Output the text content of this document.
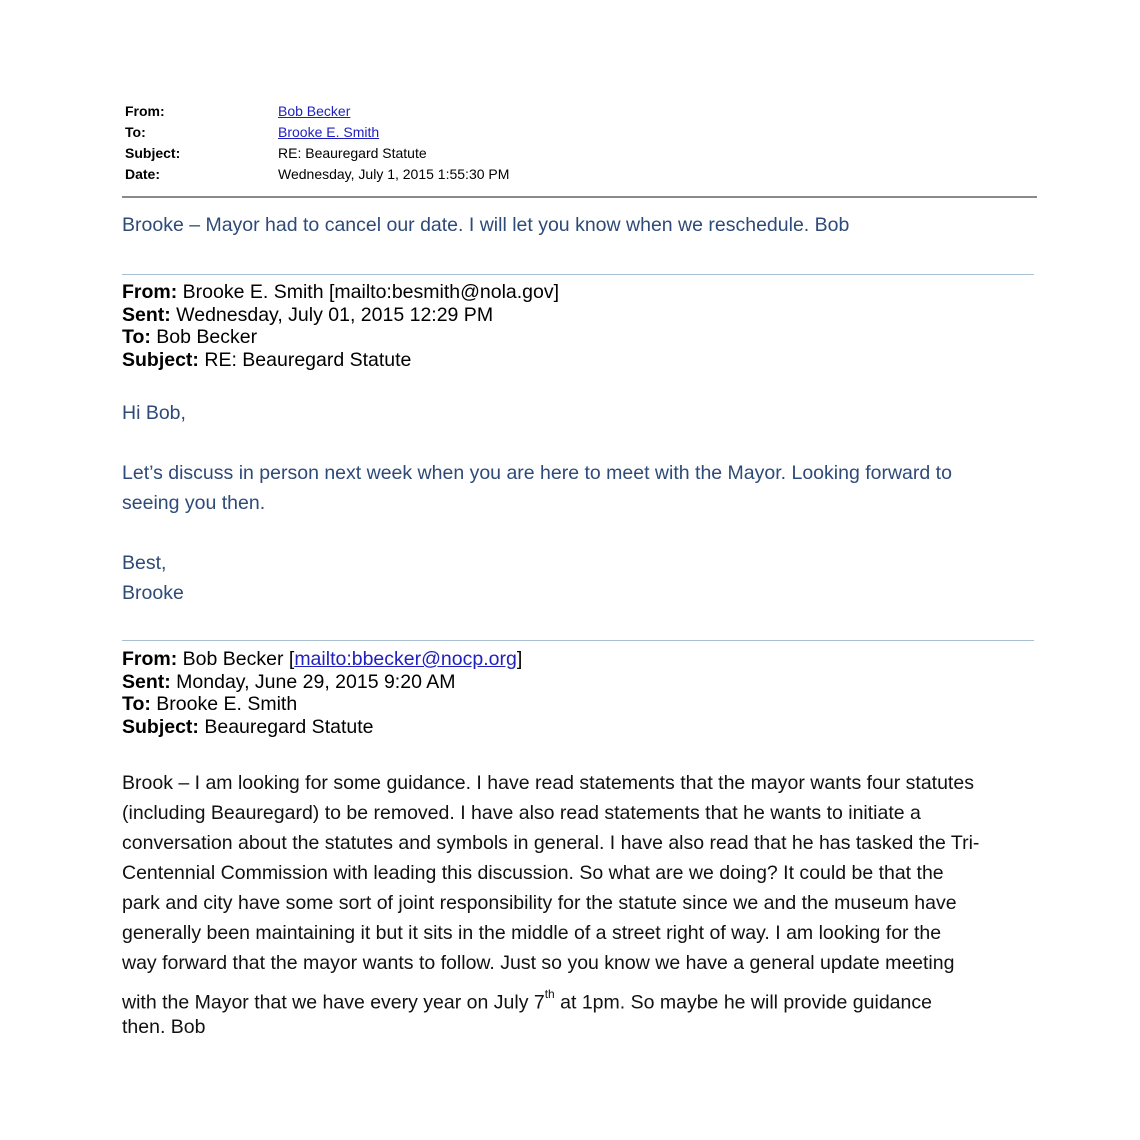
From:	Bob Becker
To:	Brooke E. Smith
Subject:	RE: Beauregard Statute
Date:	Wednesday, July 1, 2015 1:55:30 PM

Brooke – Mayor had to cancel our date. I will let you know when we reschedule. Bob

From: Brooke E. Smith [mailto:besmith@nola.gov]
Sent: Wednesday, July 01, 2015 12:29 PM
To: Bob Becker
Subject: RE: Beauregard Statute

Hi Bob,

Let’s discuss in person next week when you are here to meet with the Mayor. Looking forward to

seeing you then.

Best,

Brooke

From: Bob Becker [mailto:bbecker@nocp.org]
Sent: Monday, June 29, 2015 9:20 AM
To: Brooke E. Smith
Subject: Beauregard Statute
Brook – I am looking for some guidance. I have read statements that the mayor wants four statutes
(including Beauregard) to be removed. I have also read statements that he wants to initiate a
conversation about the statutes and symbols in general. I have also read that he has tasked the Tri-
Centennial Commission with leading this discussion. So what are we doing? It could be that the
park and city have some sort of joint responsibility for the statute since we and the museum have
generally been maintaining it but it sits in the middle of a street right of way. I am looking for the
way forward that the mayor wants to follow. Just so you know we have a general update meeting
with the Mayor that we have every year on July 7th at 1pm. So maybe he will provide guidance
then. Bob
